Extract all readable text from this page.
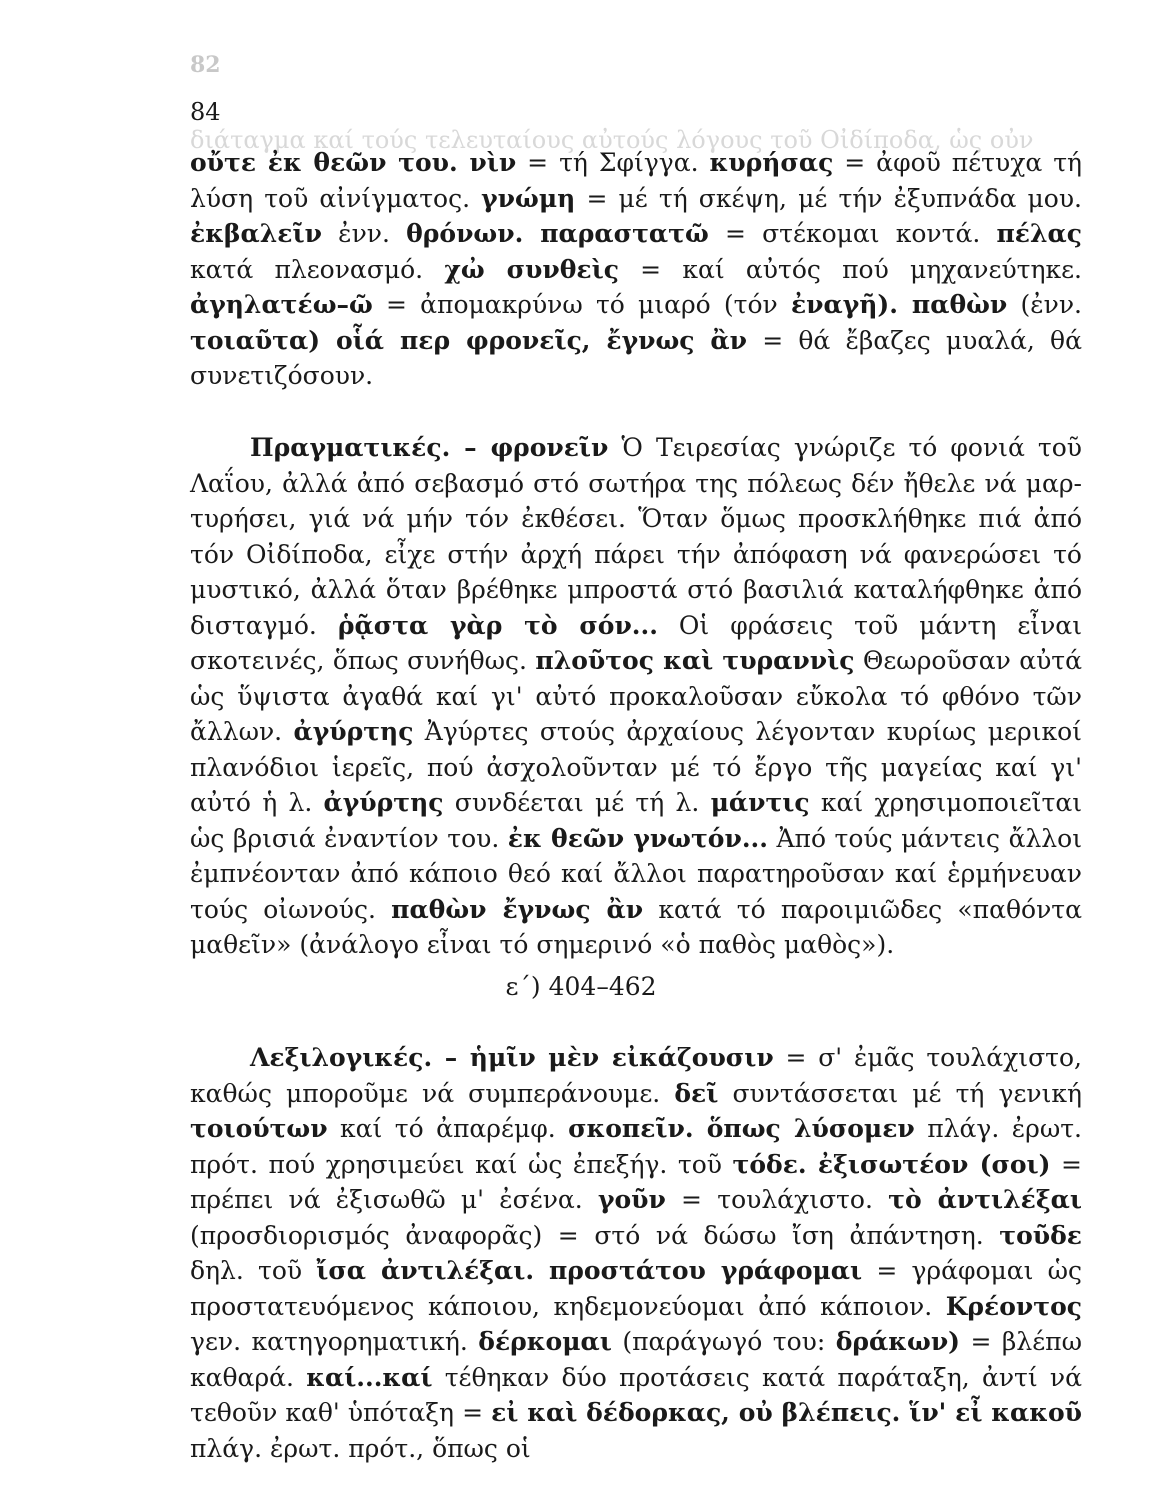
82
διάταγμα καί τούς τελευταίους αὐτούς λόγους τοῦ Οἰδίποδα, ὡς οὐν
84
οὔτε ἐκ θεῶν του. νὶν = τή Σφίγγα. κυρήσας = ἀφοῦ πέτυχα τή λύση τοῦ αἰνίγματος. γνώμη = μέ τή σκέψη, μέ τήν ἐξυπνάδα μου. ἐκβαλεῖν ἐνν. θρόνων. παραστατῶ = στέκομαι κοντά. πέλας κατά πλεονασμό. χὠ συνθεὶς = καί αὐτός πού μηχανεύτηκε. ἀγηλατέω–ῶ = ἀπομακρύνω τό μιαρό (τόν ἐναγῆ). παθὼν (ἐνν. τοιαῦτα) οἷά περ φρονεῖς, ἔγνως ἂν = θά ἔβαζες μυαλά, θά συνετιζόσουν.
Πραγματικές. – φρονεῖν Ὁ Τειρεσίας γνώριζε τό φονιά τοῦ Λαΐου, ἀλλά ἀπό σεβασμό στό σωτήρα της πόλεως δέν ἤθελε νά μαρτυρήσει, γιά νά μήν τόν ἐκθέσει. Ὅταν ὅμως προσκλήθηκε πιά ἀπό τόν Οἰδίποδα, εἶχε στήν ἀρχή πάρει τήν ἀπόφαση νά φανερώσει τό μυστικό, ἀλλά ὅταν βρέθηκε μπροστά στό βασιλιά καταλήφθηκε ἀπό δισταγμό. ῥᾷστα γὰρ τὸ σόν... Οἱ φράσεις τοῦ μάντη εἶναι σκοτεινές, ὅπως συνήθως. πλοῦτος καὶ τυραννὶς Θεωροῦσαν αὐτά ὡς ὕψιστα ἀγαθά καί γι' αὐτό προκαλοῦσαν εὔκολα τό φθόνο τῶν ἄλλων. ἀγύρτης Ἀγύρτες στούς ἀρχαίους λέγονταν κυρίως μερικοί πλανόδιοι ἱερεῖς, πού ἀσχολοῦνταν μέ τό ἔργο τῆς μαγείας καί γι' αὐτό ἡ λ. ἀγύρτης συνδέεται μέ τή λ. μάντις καί χρησιμοποιεῖται ὡς βρισιά ἐναντίον του. ἐκ θεῶν γνωτόν... Ἀπό τούς μάντεις ἄλλοι ἐμπνέονταν ἀπό κάποιο θεό καί ἄλλοι παρατηροῦσαν καί ἑρμήνευαν τούς οἰωνούς. παθὼν ἔγνως ἂν κατά τό παροιμιῶδες «παθόντα μαθεῖν» (ἀνάλογο εἶναι τό σημερινό «ὁ παθὸς μαθὸς»).
ε΄) 404–462
Λεξιλογικές. – ἡμῖν μὲν εἰκάζουσιν = σ' ἐμᾶς τουλάχιστο, καθώς μποροῦμε νά συμπεράνουμε. δεῖ συντάσσεται μέ τή γενική τοιούτων καί τό ἀπαρέμφ. σκοπεῖν. ὅπως λύσομεν πλάγ. ἐρωτ. πρότ. πού χρησιμεύει καί ὡς ἐπεξήγ. τοῦ τόδε. ἐξισωτέον (σοι) = πρέπει νά ἐξισωθῶ μ' ἐσένα. γοῦν = τουλάχιστο. τὸ ἀντιλέξαι (προσδιορισμός ἀναφορᾶς) = στό νά δώσω ἴση ἀπάντηση. τοῦδε δηλ. τοῦ ἴσα ἀντιλέξαι. προστάτου γράφομαι = γράφομαι ὡς προστατευόμενος κάποιου, κηδεμονεύομαι ἀπό κάποιον. Κρέοντος γεν. κατηγορηματική. δέρκομαι (παράγωγό του: δράκων) = βλέπω καθαρά. καί...καί τέθηκαν δύο προτάσεις κατά παράταξη, ἀντί νά τεθοῦν καθ' ὑπόταξη = εἰ καὶ δέδορκας, οὐ βλέπεις. ἵν' εἶ κακοῦ πλάγ. ἐρωτ. πρότ., ὅπως οἱ
